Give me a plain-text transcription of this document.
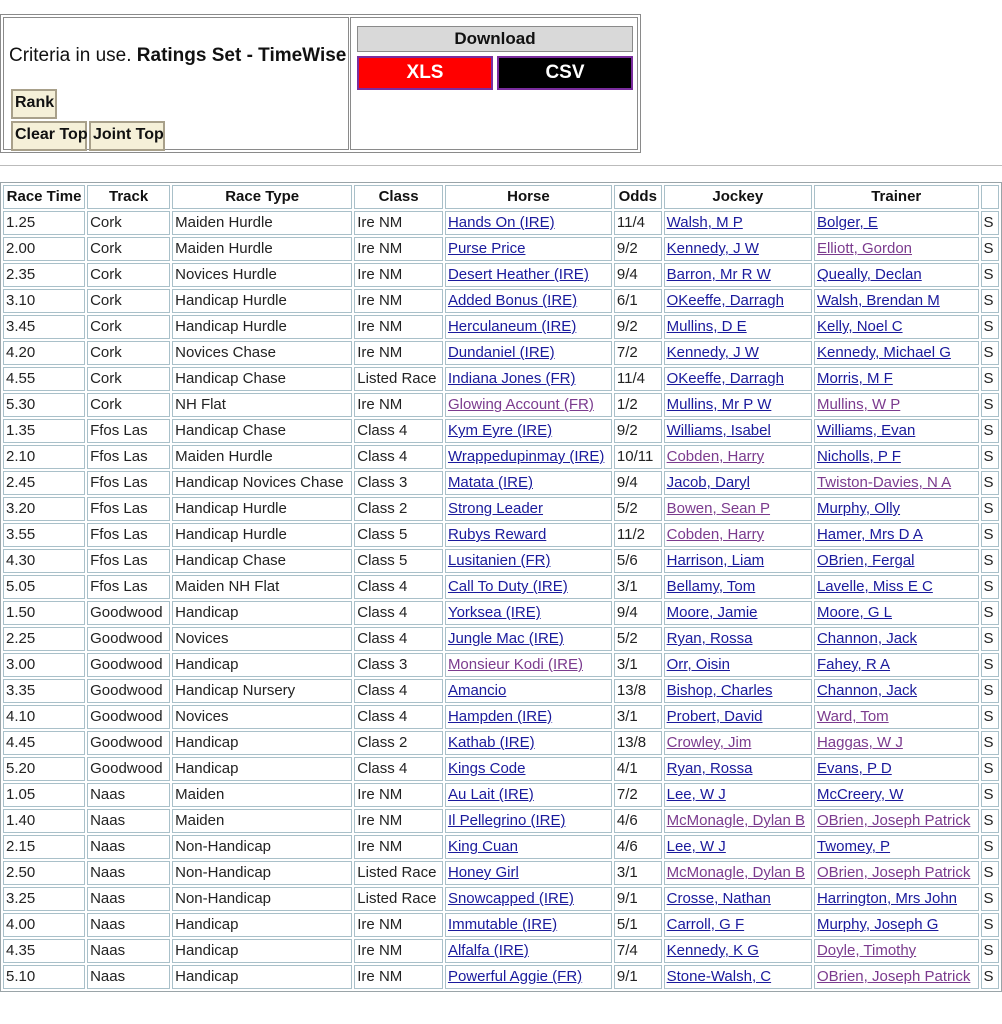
Criteria in use. Ratings Set - TimeWise
Rank
Clear Top Joint Top
Download
XLS	CSV
Race Time	Track	Race Type	Class	Horse	Odds	Jockey	Trainer	
1.25	Cork	Maiden Hurdle	Ire NM	Hands On (IRE)	11/4	Walsh, M P	Bolger, E	S
2.00	Cork	Maiden Hurdle	Ire NM	Purse Price	9/2	Kennedy, J W	Elliott, Gordon	S
2.35	Cork	Novices Hurdle	Ire NM	Desert Heather (IRE)	9/4	Barron, Mr R W	Queally, Declan	S
3.10	Cork	Handicap Hurdle	Ire NM	Added Bonus (IRE)	6/1	OKeeffe, Darragh	Walsh, Brendan M	S
3.45	Cork	Handicap Hurdle	Ire NM	Herculaneum (IRE)	9/2	Mullins, D E	Kelly, Noel C	S
4.20	Cork	Novices Chase	Ire NM	Dundaniel (IRE)	7/2	Kennedy, J W	Kennedy, Michael G	S
4.55	Cork	Handicap Chase	Listed Race	Indiana Jones (FR)	11/4	OKeeffe, Darragh	Morris, M F	S
5.30	Cork	NH Flat	Ire NM	Glowing Account (FR)	1/2	Mullins, Mr P W	Mullins, W P	S
1.35	Ffos Las	Handicap Chase	Class 4	Kym Eyre (IRE)	9/2	Williams, Isabel	Williams, Evan	S
2.10	Ffos Las	Maiden Hurdle	Class 4	Wrappedupinmay (IRE)	10/11	Cobden, Harry	Nicholls, P F	S
2.45	Ffos Las	Handicap Novices Chase	Class 3	Matata (IRE)	9/4	Jacob, Daryl	Twiston-Davies, N A	S
3.20	Ffos Las	Handicap Hurdle	Class 2	Strong Leader	5/2	Bowen, Sean P	Murphy, Olly	S
3.55	Ffos Las	Handicap Hurdle	Class 5	Rubys Reward	11/2	Cobden, Harry	Hamer, Mrs D A	S
4.30	Ffos Las	Handicap Chase	Class 5	Lusitanien (FR)	5/6	Harrison, Liam	OBrien, Fergal	S
5.05	Ffos Las	Maiden NH Flat	Class 4	Call To Duty (IRE)	3/1	Bellamy, Tom	Lavelle, Miss E C	S
1.50	Goodwood	Handicap	Class 4	Yorksea (IRE)	9/4	Moore, Jamie	Moore, G L	S
2.25	Goodwood	Novices	Class 4	Jungle Mac (IRE)	5/2	Ryan, Rossa	Channon, Jack	S
3.00	Goodwood	Handicap	Class 3	Monsieur Kodi (IRE)	3/1	Orr, Oisin	Fahey, R A	S
3.35	Goodwood	Handicap Nursery	Class 4	Amancio	13/8	Bishop, Charles	Channon, Jack	S
4.10	Goodwood	Novices	Class 4	Hampden (IRE)	3/1	Probert, David	Ward, Tom	S
4.45	Goodwood	Handicap	Class 2	Kathab (IRE)	13/8	Crowley, Jim	Haggas, W J	S
5.20	Goodwood	Handicap	Class 4	Kings Code	4/1	Ryan, Rossa	Evans, P D	S
1.05	Naas	Maiden	Ire NM	Au Lait (IRE)	7/2	Lee, W J	McCreery, W	S
1.40	Naas	Maiden	Ire NM	Il Pellegrino (IRE)	4/6	McMonagle, Dylan B	OBrien, Joseph Patrick	S
2.15	Naas	Non-Handicap	Ire NM	King Cuan	4/6	Lee, W J	Twomey, P	S
2.50	Naas	Non-Handicap	Listed Race	Honey Girl	3/1	McMonagle, Dylan B	OBrien, Joseph Patrick	S
3.25	Naas	Non-Handicap	Listed Race	Snowcapped (IRE)	9/1	Crosse, Nathan	Harrington, Mrs John	S
4.00	Naas	Handicap	Ire NM	Immutable (IRE)	5/1	Carroll, G F	Murphy, Joseph G	S
4.35	Naas	Handicap	Ire NM	Alfalfa (IRE)	7/4	Kennedy, K G	Doyle, Timothy	S
5.10	Naas	Handicap	Ire NM	Powerful Aggie (FR)	9/1	Stone-Walsh, C	OBrien, Joseph Patrick	S
